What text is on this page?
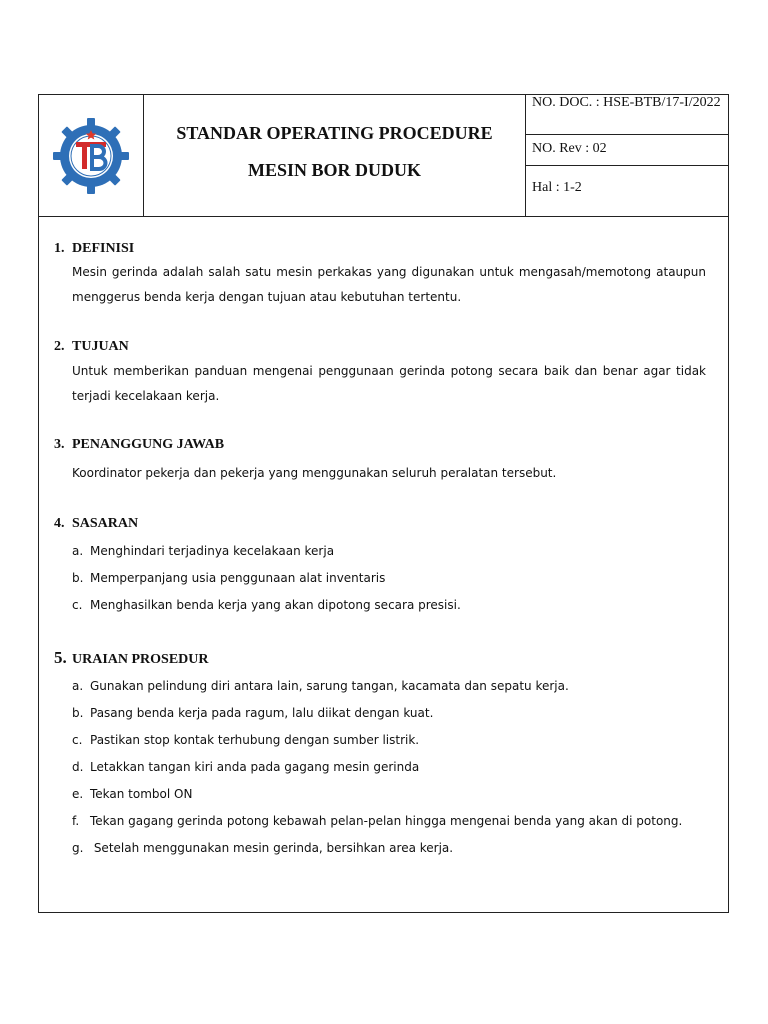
STANDAR OPERATING PROCEDURE
MESIN BOR DUDUK
NO. DOC. : HSE-BTB/17-I/2022
NO. Rev : 02
Hal : 1-2
1. DEFINISI
Mesin gerinda adalah salah satu mesin perkakas yang digunakan untuk mengasah/memotong ataupun menggerus benda kerja dengan tujuan atau kebutuhan tertentu.
2. TUJUAN
Untuk memberikan panduan mengenai penggunaan gerinda potong secara baik dan benar agar tidak terjadi kecelakaan kerja.
3. PENANGGUNG JAWAB
Koordinator pekerja dan pekerja yang menggunakan seluruh peralatan tersebut.
4. SASARAN
a. Menghindari terjadinya kecelakaan kerja
b. Memperpanjang usia penggunaan alat inventaris
c. Menghasilkan benda kerja yang akan dipotong secara presisi.
5. URAIAN PROSEDUR
a. Gunakan pelindung diri antara lain, sarung tangan, kacamata dan sepatu kerja.
b. Pasang benda kerja pada ragum, lalu diikat dengan kuat.
c. Pastikan stop kontak terhubung dengan sumber listrik.
d. Letakkan tangan kiri anda pada gagang mesin gerinda
e. Tekan tombol ON
f. Tekan gagang gerinda potong kebawah pelan-pelan hingga mengenai benda yang akan di potong.
g. Setelah menggunakan mesin gerinda, bersihkan area kerja.
